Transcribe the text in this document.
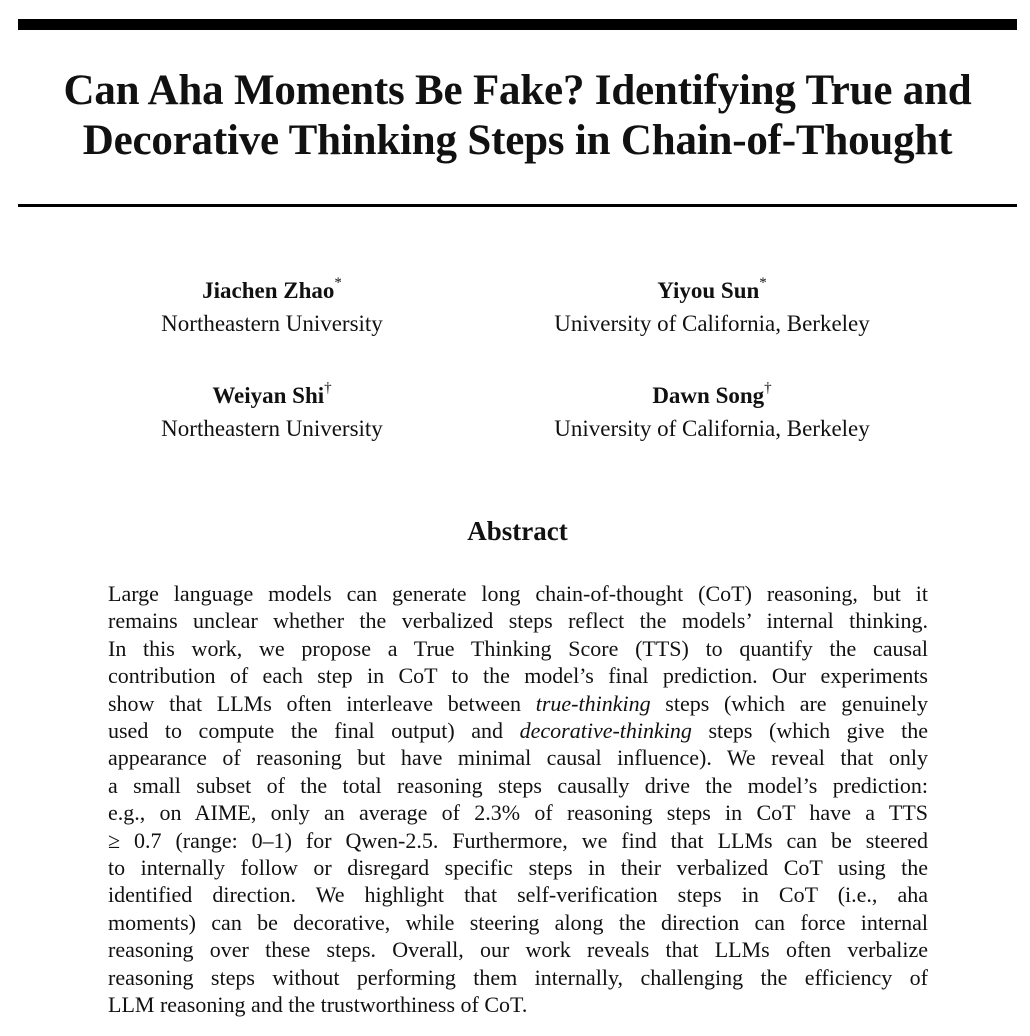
Can Aha Moments Be Fake? Identifying True and
Decorative Thinking Steps in Chain-of-Thought
Jiachen Zhao*
Northeastern University
Yiyou Sun*
University of California, Berkeley
Weiyan Shi†
Northeastern University
Dawn Song†
University of California, Berkeley
Abstract
Large language models can generate long chain-of-thought (CoT) reasoning, but it
remains unclear whether the verbalized steps reflect the models’ internal thinking.
In this work, we propose a True Thinking Score (TTS) to quantify the causal
contribution of each step in CoT to the model’s final prediction. Our experiments
show that LLMs often interleave between true-thinking steps (which are genuinely
used to compute the final output) and decorative-thinking steps (which give the
appearance of reasoning but have minimal causal influence). We reveal that only
a small subset of the total reasoning steps causally drive the model’s prediction:
e.g., on AIME, only an average of 2.3% of reasoning steps in CoT have a TTS
≥ 0.7 (range: 0–1) for Qwen-2.5. Furthermore, we find that LLMs can be steered
to internally follow or disregard specific steps in their verbalized CoT using the
identified direction. We highlight that self-verification steps in CoT (i.e., aha
moments) can be decorative, while steering along the direction can force internal
reasoning over these steps. Overall, our work reveals that LLMs often verbalize
reasoning steps without performing them internally, challenging the efficiency of
LLM reasoning and the trustworthiness of CoT.
